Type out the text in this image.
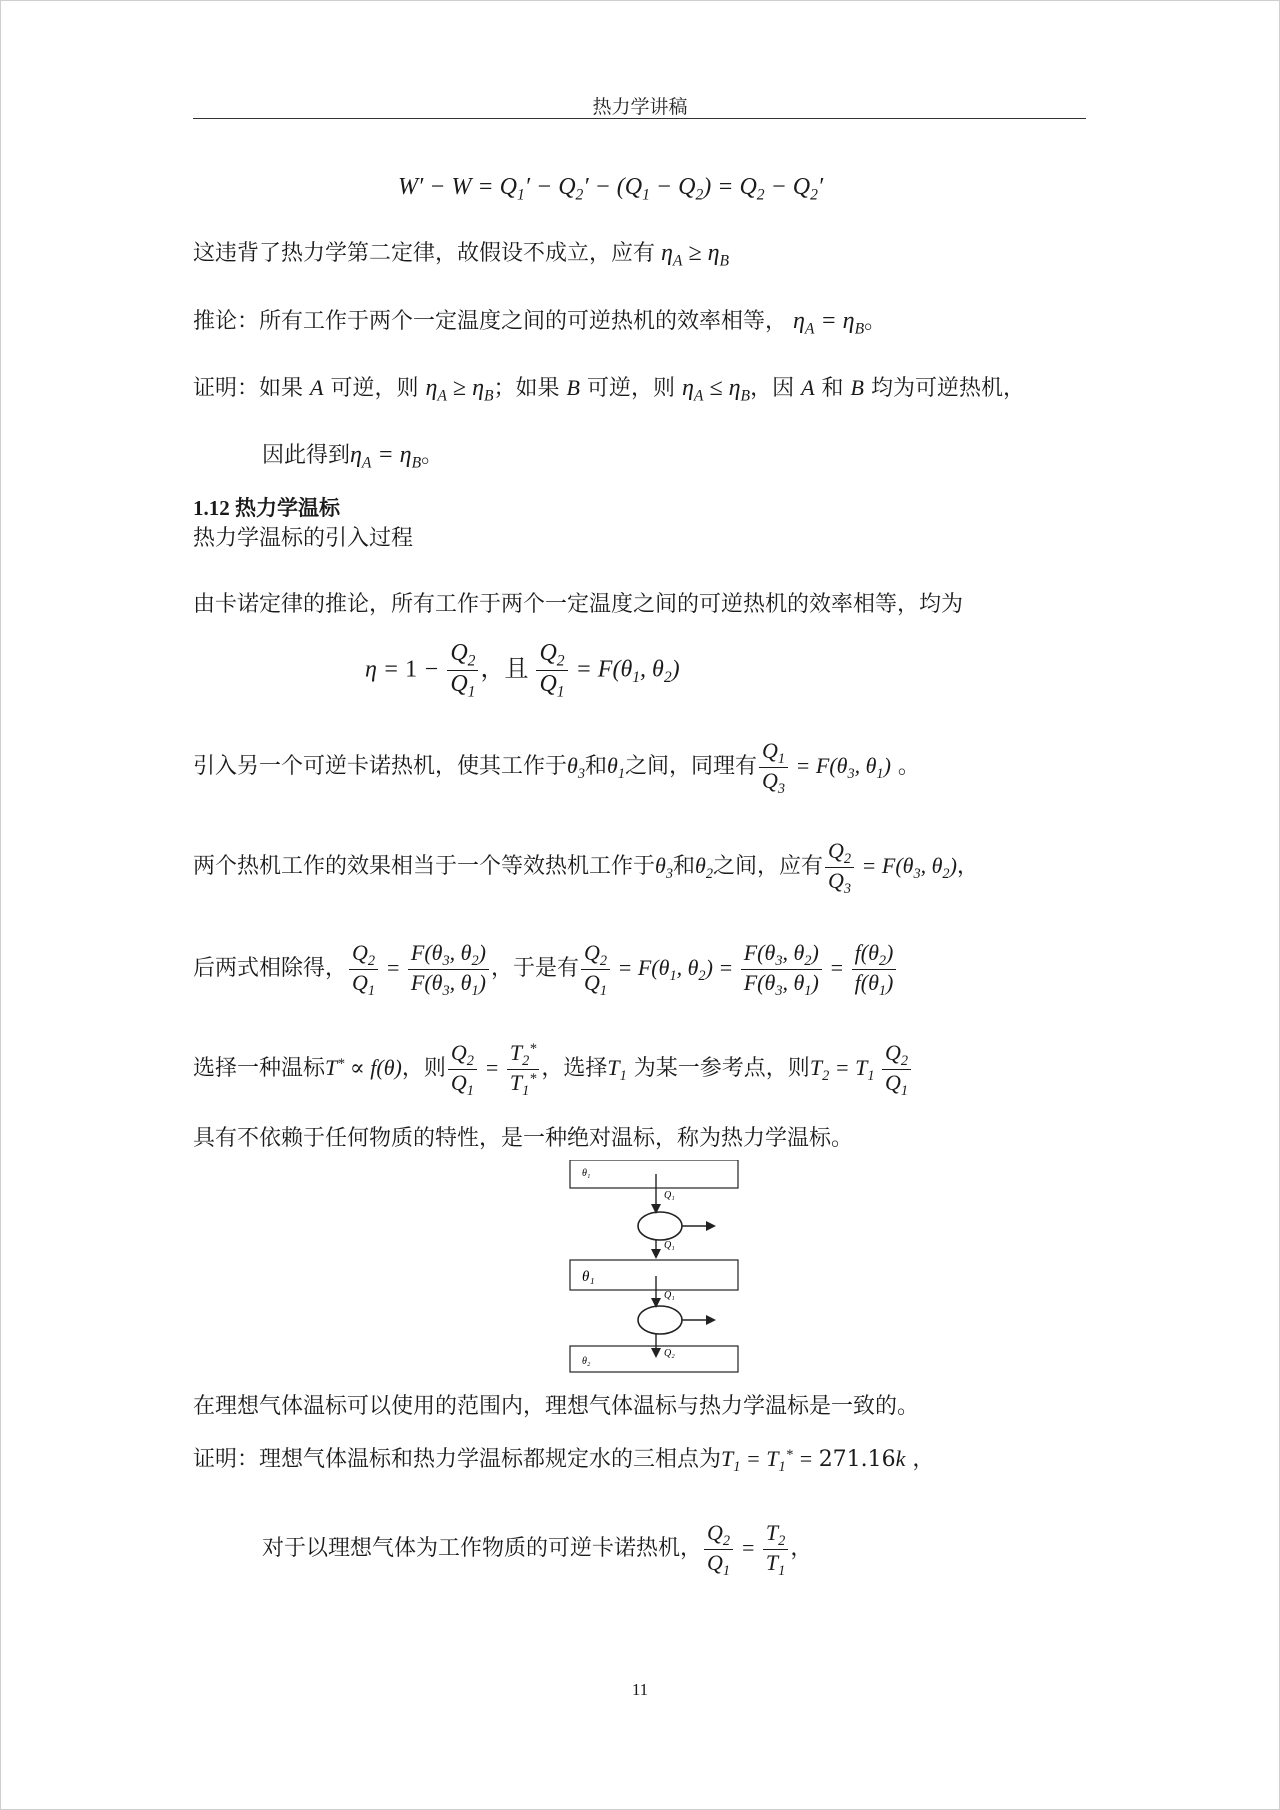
热力学讲稿
$W' - W = Q_1' - Q_2' - (Q_1 - Q_2) = Q_2 - Q_2'$
这违背了热力学第二定律，故假设不成立，应有 $\eta_A \ge \eta_B$
推论：所有工作于两个一定温度之间的可逆热机的效率相等， $\eta_A = \eta_B$。
证明：如果 A 可逆，则 $\eta_A \ge \eta_B$；如果 B 可逆，则 $\eta_A \le \eta_B$，因 A 和 B 均为可逆热机，
因此得到$\eta_A = \eta_B$。
1.12 热力学温标
热力学温标的引入过程
由卡诺定律的推论，所有工作于两个一定温度之间的可逆热机的效率相等，均为
$\eta = 1 - \frac{Q_2}{Q_1}$ ，且 $\frac{Q_2}{Q_1} = F(\theta_1$, $\theta_2$)
引入另一个可逆卡诺热机，使其工作于$\theta_3$和$\theta_1$之间，同理有 $\frac{Q_1}{Q_3} = F(\theta_3$, $\theta_1$) 。
两个热机工作的效果相当于一个等效热机工作于$\theta_3$和$\theta_2$之间，应有 $\frac{Q_2}{Q_3} = F(\theta_3$, $\theta_2$)，
后两式相除得， $\frac{Q_2}{Q_1} = \frac{F(\theta_3, \theta_2)}{F(\theta_3, \theta_1)}$ ，于是有 $\frac{Q_2}{Q_1} = F(\theta_1$, $\theta_2) = \frac{F(\theta_3, \theta_2)}{F(\theta_3, \theta_1)} = \frac{f(\theta_2)}{f(\theta_1)}$
选择一种温标T* ∝ f(θ)，则 $\frac{Q_2}{Q_1} = \frac{T_2^*}{T_1^*}$ ，选择$T_1$ 为某一参考点，则$T_2 = T_1 \frac{Q_2}{Q_1}$
具有不依赖于任何物质的特性，是一种绝对温标，称为热力学温标。
θ₁
Q₁
Q₁
θ₁
Q₁
Q₂
θ₂
在理想气体温标可以使用的范围内，理想气体温标与热力学温标是一致的。
证明：理想气体温标和热力学温标都规定水的三相点为$T_1 = T_1^* = 271.16k$ ，
对于以理想气体为工作物质的可逆卡诺热机， $\frac{Q_2}{Q_1} = \frac{T_2}{T_1}$ ，
11
